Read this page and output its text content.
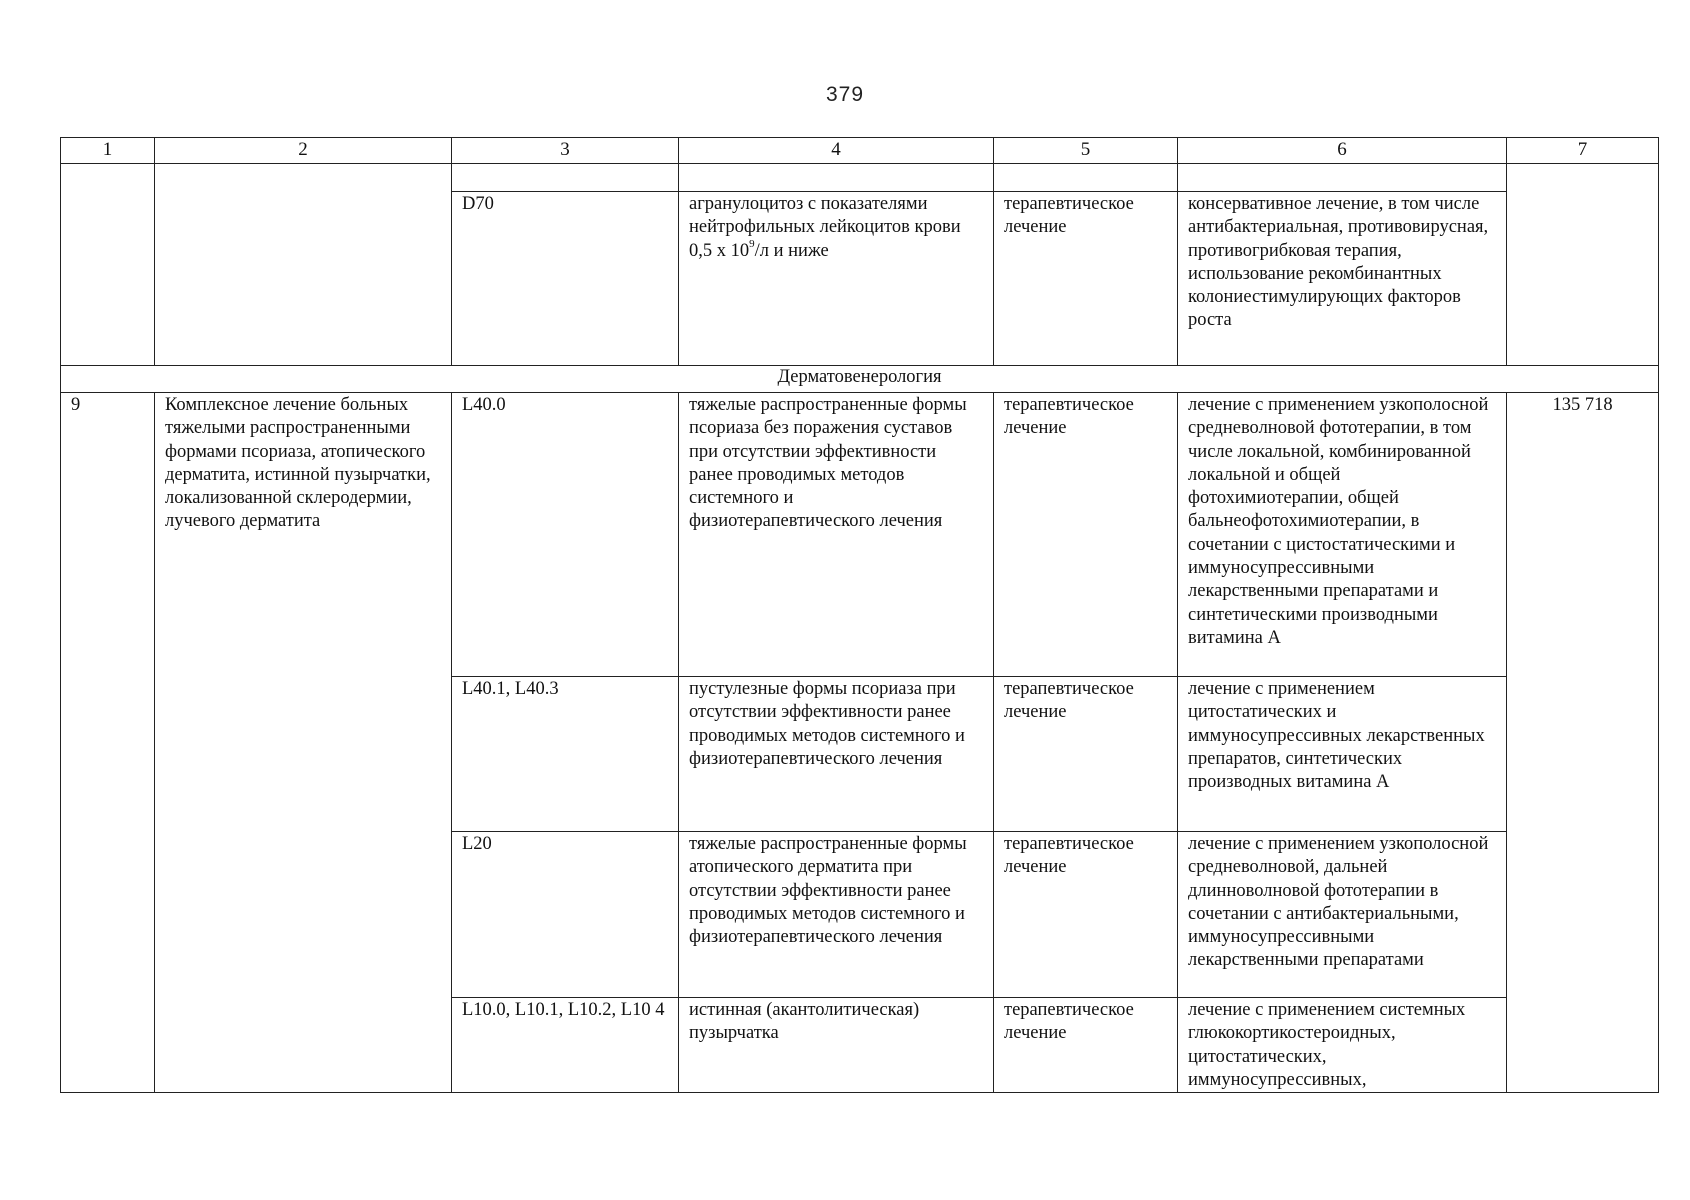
379
1	2	3	4	5	6	7

		D70	агранулоцитоз с показателями нейтрофильных лейкоцитов крови 0,5 х $10^9/л$ и ниже	терапевтическое лечение	консервативное лечение, в том числе антибактериальная, противовирусная, противогрибковая терапия, использование рекомбинантных колониестимулирующих факторов роста	
Дерматовенерология						
9	Комплексное лечение больных тяжелыми распространенными формами псориаза, атопического дерматита, истинной пузырчатки, локализованной склеродермии, лучевого дерматита	L40.0	тяжелые распространенные формы псориаза без поражения суставов при отсутствии эффективности ранее проводимых методов системного и физиотерапевтического лечения	терапевтическое лечение	лечение с применением узкополосной средневолновой фототерапии, в том числе локальной, комбинированной локальной и общей фотохимиотерапии, общей бальнеофотохимиотерапии, в сочетании с цистостатическими и иммуносупрессивными лекарственными препаратами и синтетическими производными витамина А	135 718
		L40.1, L40.3	пустулезные формы псориаза при отсутствии эффективности ранее проводимых методов системного и физиотерапевтического лечения	терапевтическое лечение	лечение с применением цитостатических и иммуносупрессивных лекарственных препаратов, синтетических производных витамина А	
		L20	тяжелые распространенные формы атопического дерматита при отсутствии эффективности ранее проводимых методов системного и физиотерапевтического лечения	терапевтическое лечение	лечение с применением узкополосной средневолновой, дальней длинноволновой фототерапии в сочетании с антибактериальными, иммуносупрессивными лекарственными препаратами	
		L10.0, L10.1, L10.2, L10 4	истинная (акантолитическая) пузырчатка	терапевтическое лечение	лечение с применением системных глюкокортикостероидных, цитостатических, иммуносупрессивных,	
